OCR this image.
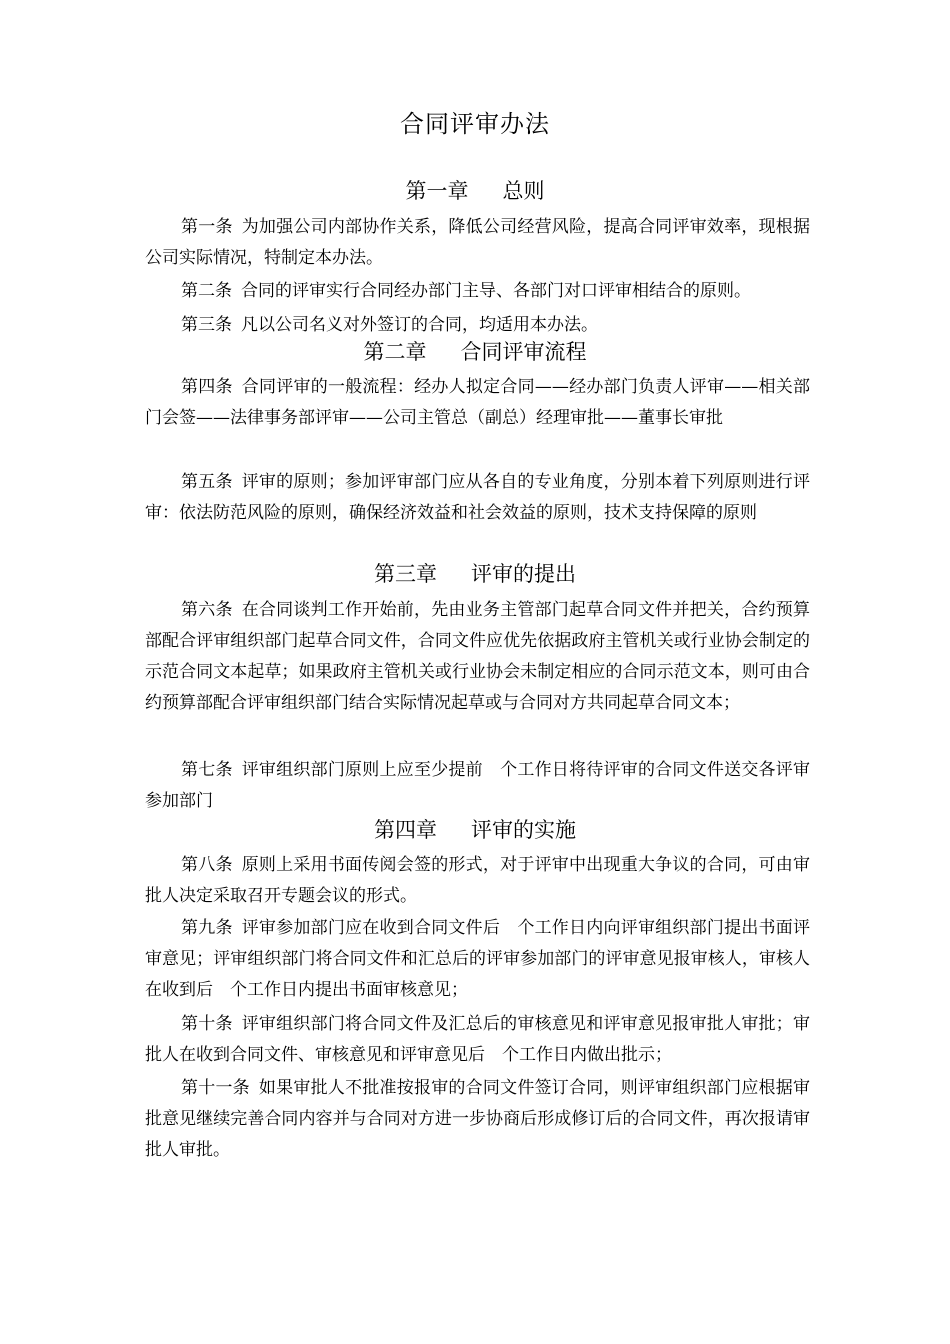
合同评审办法
第一章 总则
第一条 为加强公司内部协作关系，降低公司经营风险，提高合同评审效率，现根据公司实际情况，特制定本办法。
第二条 合同的评审实行合同经办部门主导、各部门对口评审相结合的原则。
第三条 凡以公司名义对外签订的合同，均适用本办法。
第二章 合同评审流程
第四条 合同评审的一般流程：经办人拟定合同——经办部门负责人评审——相关部门会签——法律事务部评审——公司主管总（副总）经理审批——董事长审批
第五条 评审的原则；参加评审部门应从各自的专业角度，分别本着下列原则进行评审：依法防范风险的原则，确保经济效益和社会效益的原则，技术支持保障的原则
第三章 评审的提出
第六条 在合同谈判工作开始前，先由业务主管部门起草合同文件并把关，合约预算部配合评审组织部门起草合同文件，合同文件应优先依据政府主管机关或行业协会制定的示范合同文本起草；如果政府主管机关或行业协会未制定相应的合同示范文本，则可由合约预算部配合评审组织部门结合实际情况起草或与合同对方共同起草合同文本；
第七条 评审组织部门原则上应至少提前　个工作日将待评审的合同文件送交各评审参加部门
第四章 评审的实施
第八条 原则上采用书面传阅会签的形式，对于评审中出现重大争议的合同，可由审批人决定采取召开专题会议的形式。
第九条 评审参加部门应在收到合同文件后　个工作日内向评审组织部门提出书面评审意见；评审组织部门将合同文件和汇总后的评审参加部门的评审意见报审核人，审核人在收到后　个工作日内提出书面审核意见；
第十条 评审组织部门将合同文件及汇总后的审核意见和评审意见报审批人审批；审批人在收到合同文件、审核意见和评审意见后　个工作日内做出批示；
第十一条 如果审批人不批准按报审的合同文件签订合同，则评审组织部门应根据审批意见继续完善合同内容并与合同对方进一步协商后形成修订后的合同文件，再次报请审批人审批。
